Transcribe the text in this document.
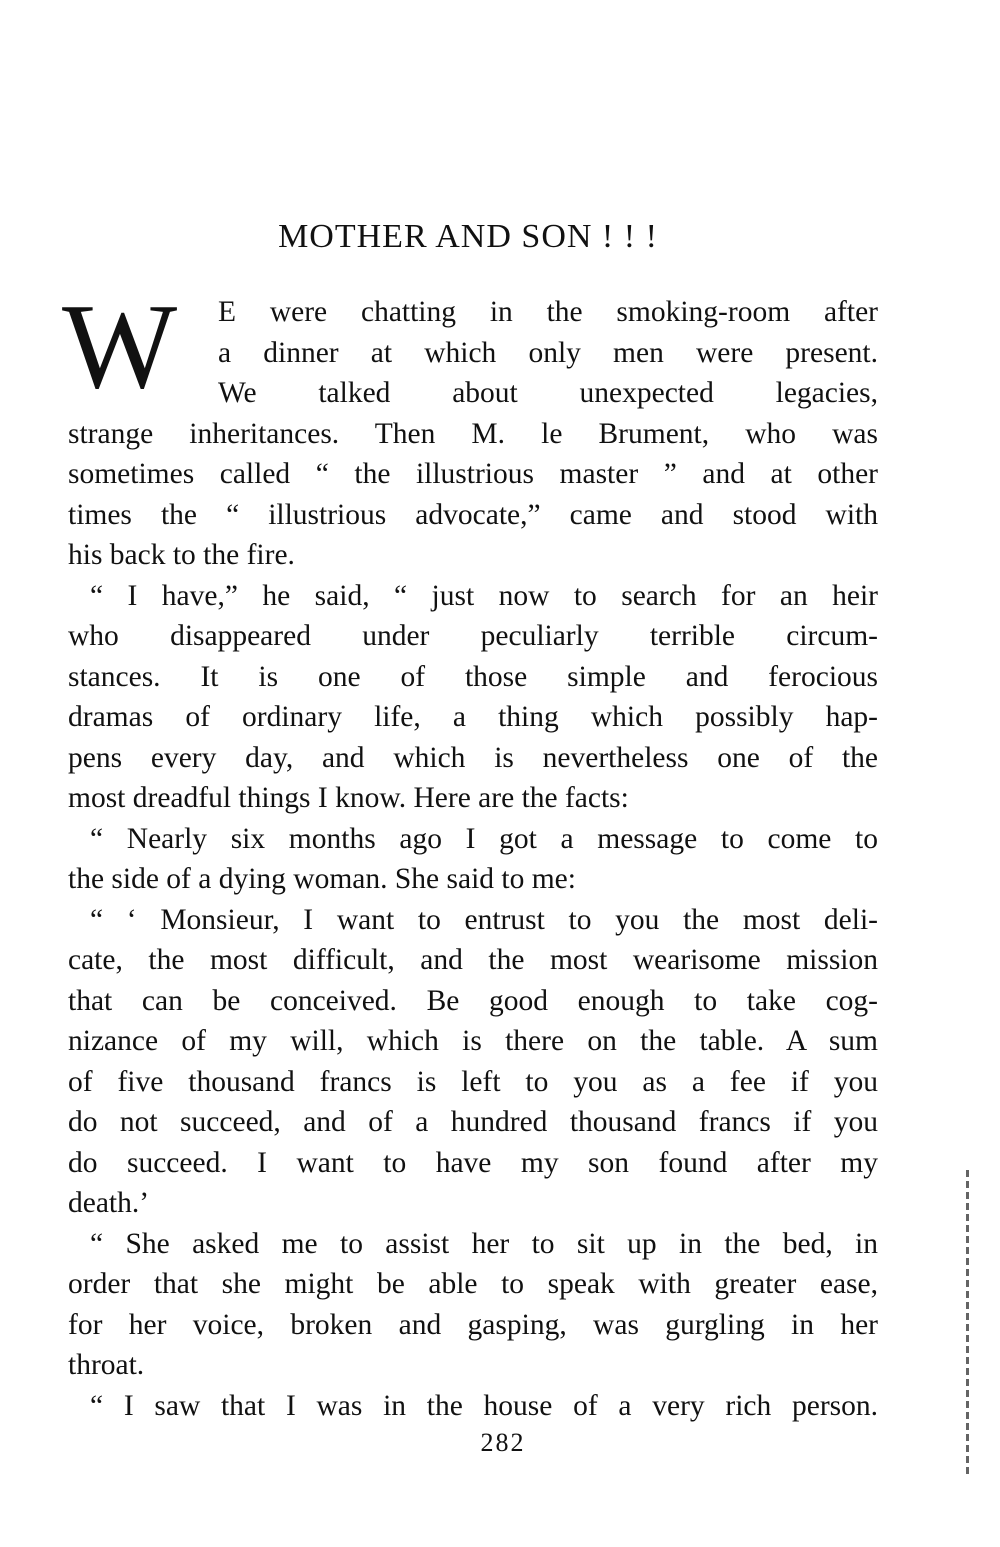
MOTHER AND SON ! ! !
W E were chatting in the smoking-room after
a dinner at which only men were present.
We talked about unexpected legacies,
strange inheritances. Then M. le Brument, who was
sometimes called “ the illustrious master ” and at other
times the “ illustrious advocate,” came and stood with
his back to the fire.
“ I have,” he said, “ just now to search for an heir
who disappeared under peculiarly terrible circum-
stances. It is one of those simple and ferocious
dramas of ordinary life, a thing which possibly hap-
pens every day, and which is nevertheless one of the
most dreadful things I know. Here are the facts:
“ Nearly six months ago I got a message to come to
the side of a dying woman. She said to me:
“ ‘ Monsieur, I want to entrust to you the most deli-
cate, the most difficult, and the most wearisome mission
that can be conceived. Be good enough to take cog-
nizance of my will, which is there on the table. A sum
of five thousand francs is left to you as a fee if you
do not succeed, and of a hundred thousand francs if you
do succeed. I want to have my son found after my
death.’
“ She asked me to assist her to sit up in the bed, in
order that she might be able to speak with greater ease,
for her voice, broken and gasping, was gurgling in her
throat.
“ I saw that I was in the house of a very rich person.
282
